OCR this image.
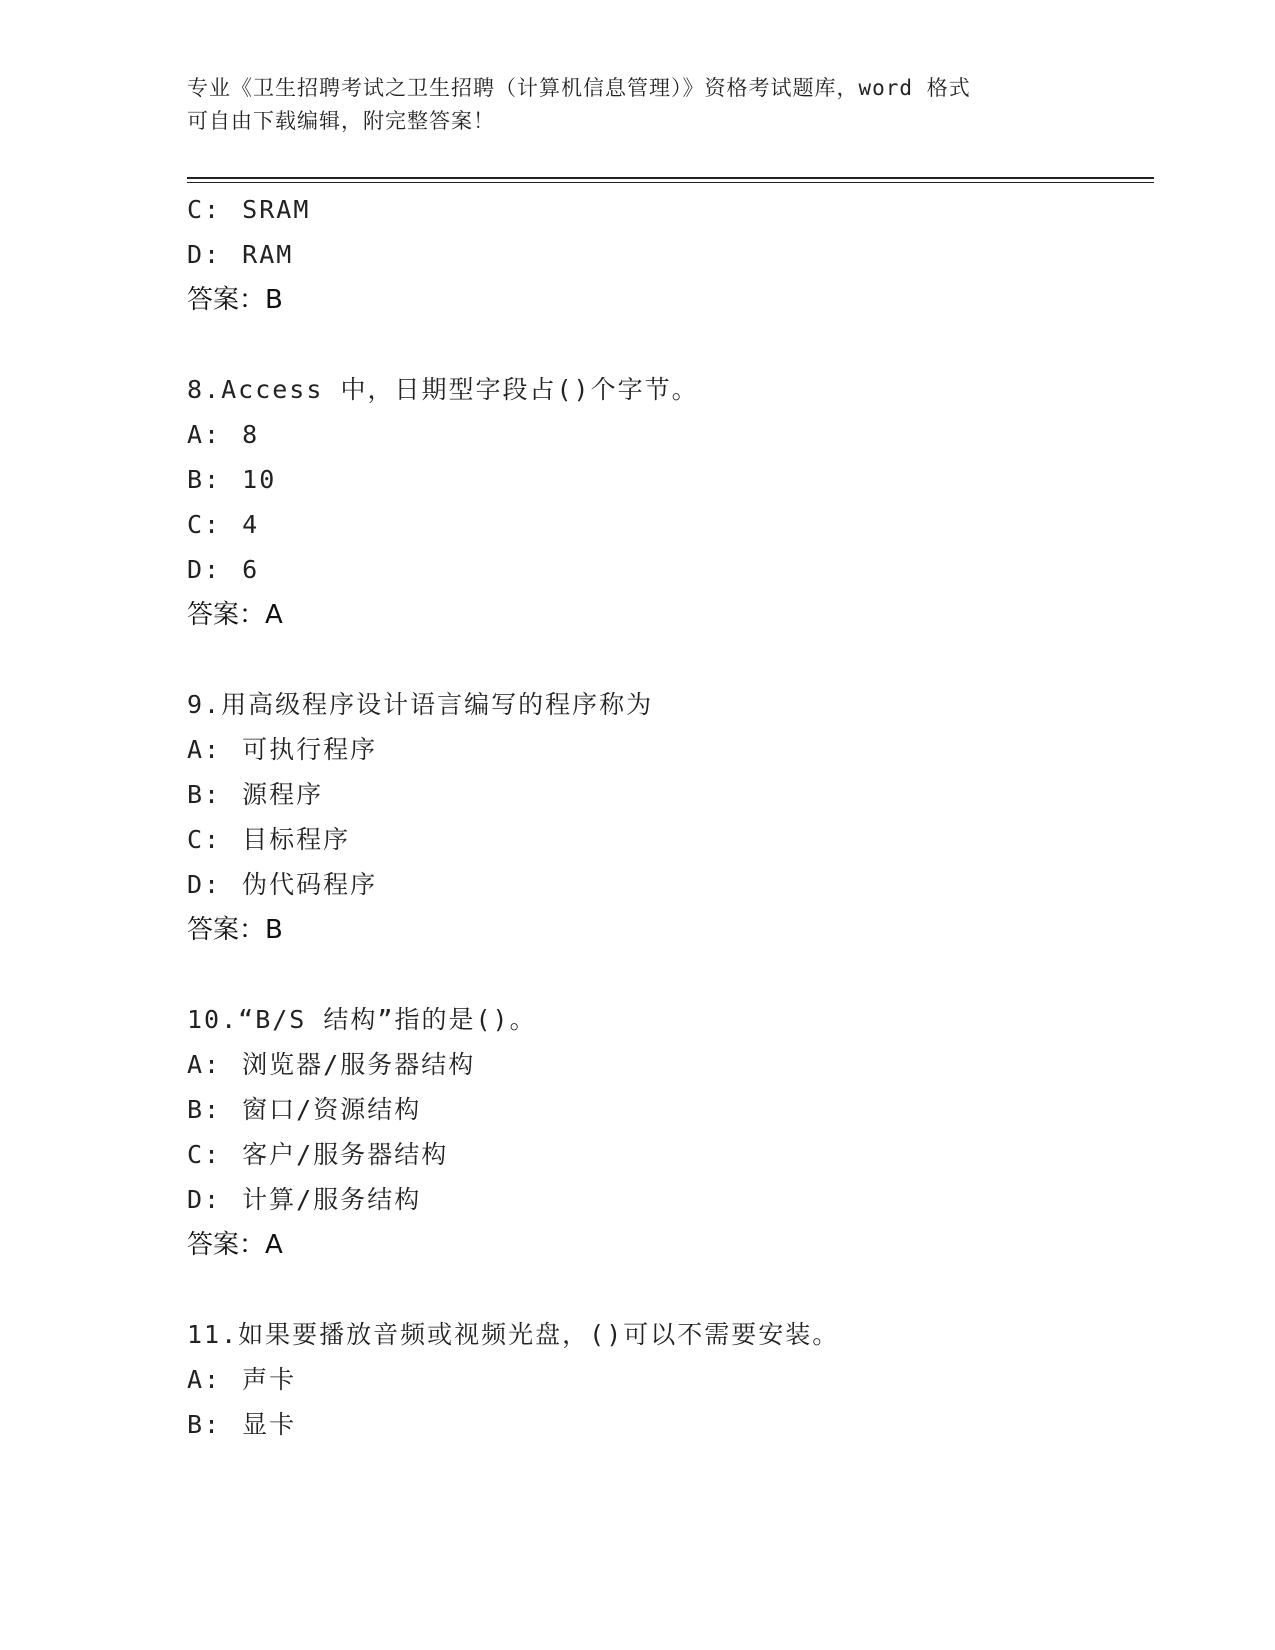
专业《卫生招聘考试之卫生招聘（计算机信息管理）》资格考试题库，word 格式
可自由下载编辑，附完整答案！
C: SRAM
D: RAM
答案：B
8.Access 中，日期型字段占()个字节。
A: 8
B: 10
C: 4
D: 6
答案：A
9.用高级程序设计语言编写的程序称为
A: 可执行程序
B: 源程序
C: 目标程序
D: 伪代码程序
答案：B
10.“B/S 结构”指的是()。
A: 浏览器/服务器结构
B: 窗口/资源结构
C: 客户/服务器结构
D: 计算/服务结构
答案：A
11.如果要播放音频或视频光盘，()可以不需要安装。
A: 声卡
B: 显卡
